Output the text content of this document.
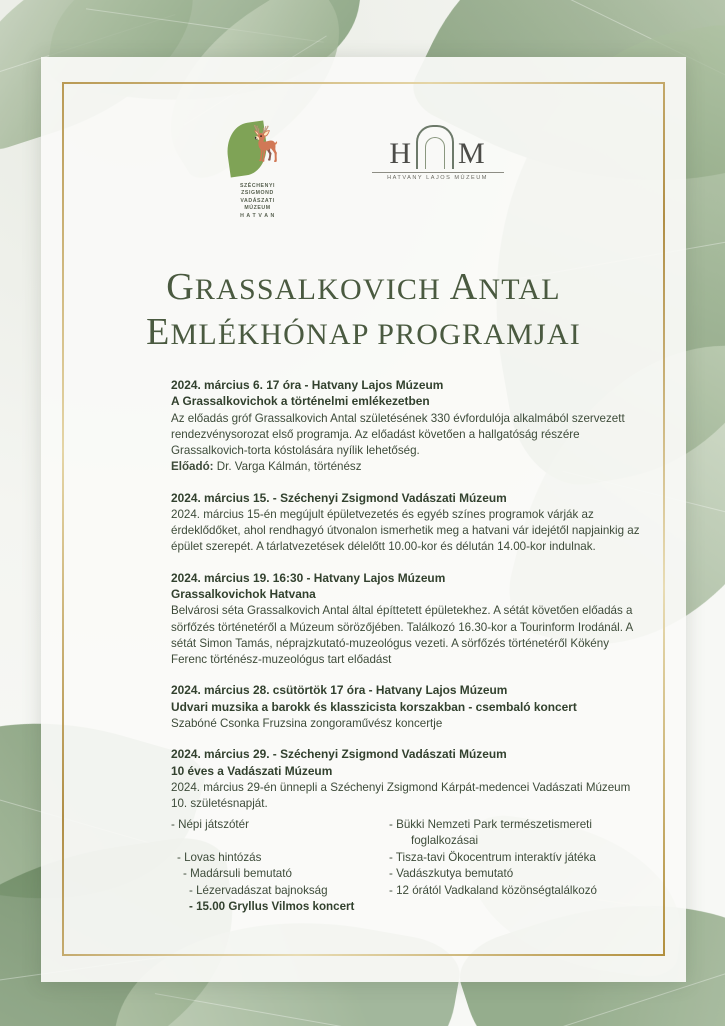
🦌
SZÉCHENYI
ZSIGMOND
VADÁSZATI
MÚZEUM
H A T V A N
H M
HATVANY LAJOS MÚZEUM
GRASSALKOVICH ANTAL
EMLÉKHÓNAP PROGRAMJAI
2024. március 6. 17 óra - Hatvany Lajos Múzeum
A Grassalkovichok a történelmi emlékezetben
Az előadás gróf Grassalkovich Antal születésének 330 évfordulója alkalmából szervezett rendezvénysorozat első programja. Az előadást követően a hallgatóság részére Grassalkovich-torta kóstolására nyílik lehetőség.
Előadó: Dr. Varga Kálmán, történész
2024. március 15. - Széchenyi Zsigmond Vadászati Múzeum
2024. március 15-én megújult épületvezetés és egyéb színes programok várják az érdeklődőket, ahol rendhagyó útvonalon ismerhetik meg a hatvani vár idejétől napjainkig az épület szerepét. A tárlatvezetések délelőtt 10.00-kor és délután 14.00-kor indulnak.
2024. március 19. 16:30 - Hatvany Lajos Múzeum
Grassalkovichok Hatvana
Belvárosi séta Grassalkovich Antal által építtetett épületekhez. A sétát követően előadás a sörfőzés történetéről a Múzeum sörözőjében. Találkozó 16.30-kor a Tourinform Irodánál. A sétát Simon Tamás, néprajzkutató-muzeológus vezeti. A sörfőzés történetéről Kökény Ferenc történész-muzeológus tart előadást
2024. március 28. csütörtök 17 óra - Hatvany Lajos Múzeum
Udvari muzsika a barokk és klasszicista korszakban - csembaló koncert
Szabóné Csonka Fruzsina zongoraművész koncertje
2024. március 29. - Széchenyi Zsigmond Vadászati Múzeum
10 éves a Vadászati Múzeum
2024. március 29-én ünnepli a Széchenyi Zsigmond Kárpát-medencei Vadászati Múzeum 10. születésnapját.
- Népi játszótér

- Lovas hintózás
- Madársuli bemutató
- Lézervadászat bajnokság
- 15.00 Gryllus Vilmos koncert
- Bükki Nemzeti Park természetismereti
foglalkozásai
- Tisza-tavi Ökocentrum interaktív játéka
- Vadászkutya bemutató
- 12 órától Vadkaland közönségtalálkozó
